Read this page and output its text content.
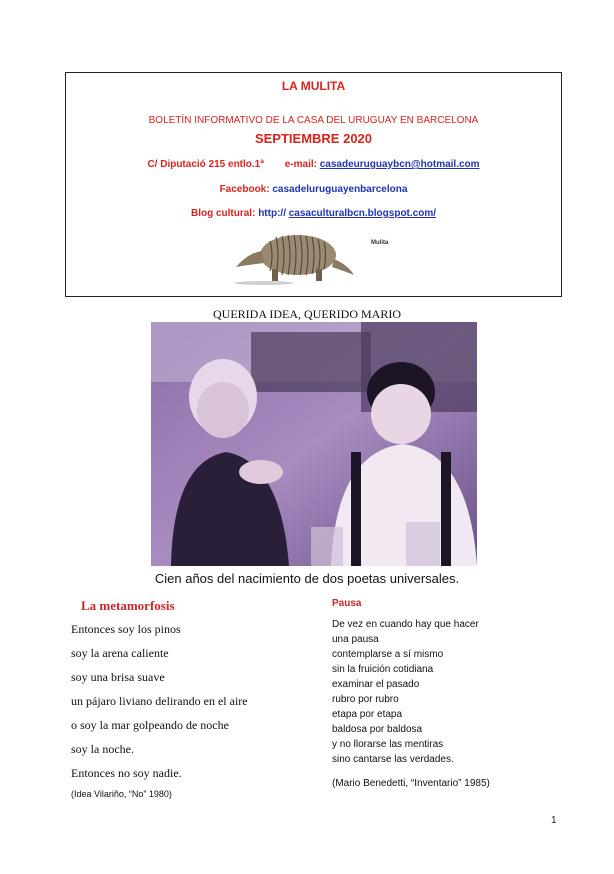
LA MULITA
BOLETÍN INFORMATIVO DE LA CASA DEL URUGUAY EN BARCELONA
SEPTIEMBRE 2020
C/ Diputació 215 entlo.1ª e-mail: casadeuruguaybcn@hotmail.com
Facebook: casadeluruguayenbarcelona
Blog cultural: http:// casaculturalbcn.blogspot.com/
Mulita
QUERIDA IDEA, QUERIDO MARIO
Cien años del nacimiento de dos poetas universales.
La metamorfosis
Entonces soy los pinos
soy la arena caliente
soy una brisa suave
un pájaro liviano delirando en el aire
o soy la mar golpeando de noche
soy la noche.
Entonces no soy nadie.
(Idea Vilariño, “No” 1980)
Pausa
De vez en cuando hay que hacer
una pausa
contemplarse a sí mismo
sin la fruición cotidiana
examinar el pasado
rubro por rubro
etapa por etapa
baldosa por baldosa
y no llorarse las mentiras
sino cantarse las verdades.
(Mario Benedetti, “Inventario” 1985)
1
